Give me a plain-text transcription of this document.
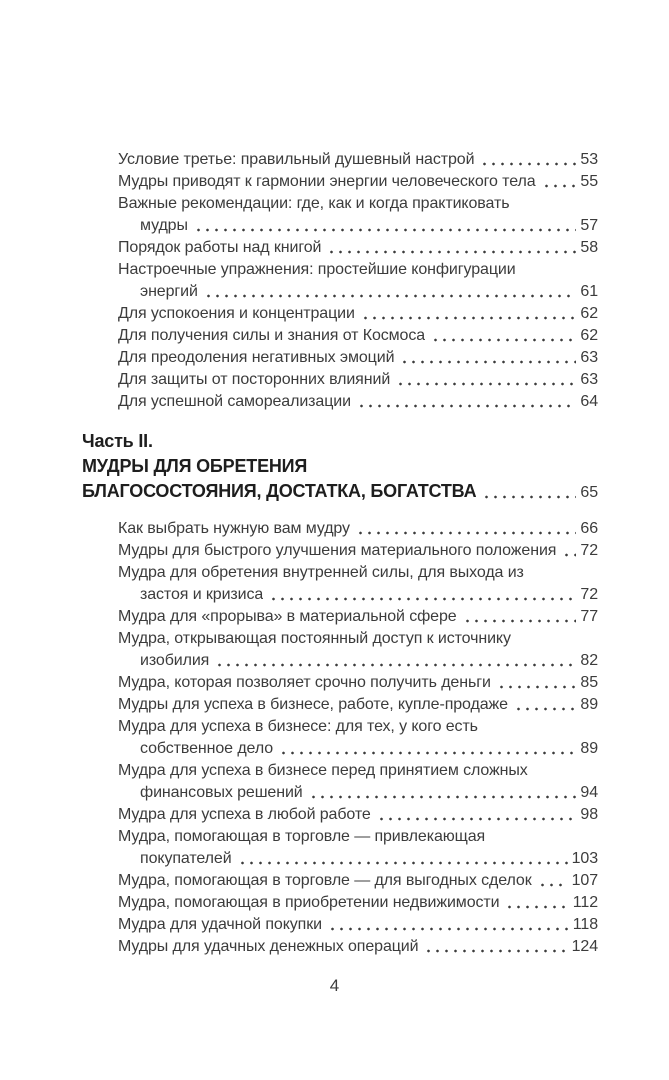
Условие третье: правильный душевный настрой	53
Мудры приводят к гармонии энергии человеческого тела	55
Важные рекомендации: где, как и когда практиковать
мудры	57
Порядок работы над книгой	58
Настроечные упражнения: простейшие конфигурации
энергий	61
Для успокоения и концентрации	62
Для получения силы и знания от Космоса	62
Для преодоления негативных эмоций	63
Для защиты от посторонних влияний	63
Для успешной самореализации	64
Часть II.
МУДРЫ ДЛЯ ОБРЕТЕНИЯ
БЛАГОСОСТОЯНИЯ, ДОСТАТКА, БОГАТСТВА	65
Как выбрать нужную вам мудру	66
Мудры для быстрого улучшения материального положения 72
Мудра для обретения внутренней силы, для выхода из
застоя и кризиса	72
Мудра для «прорыва» в материальной сфере	77
Мудра, открывающая постоянный доступ к источнику
изобилия	82
Мудра, которая позволяет срочно получить деньги	85
Мудры для успеха в бизнесе, работе, купле-продаже	89
Мудра для успеха в бизнесе: для тех, у кого есть
собственное дело	89
Мудра для успеха в бизнесе перед принятием сложных
финансовых решений	94
Мудра для успеха в любой работе	98
Мудра, помогающая в торговле — привлекающая
покупателей	103
Мудра, помогающая в торговле — для выгодных сделок 107
Мудра, помогающая в приобретении недвижимости	112
Мудра для удачной покупки	118
Мудры для удачных денежных операций	124
4
